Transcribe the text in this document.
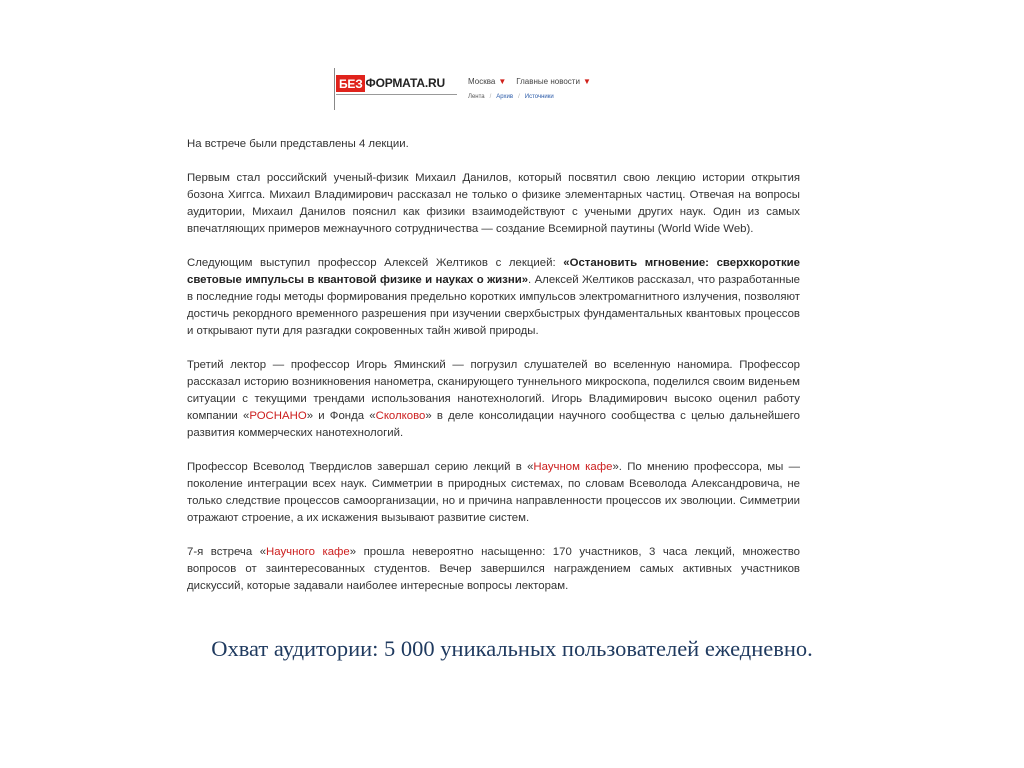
БЕЗ ФОРМАТА.RU	Москва ▼ Главные новости ▼
Лента / Архив / Источники

На встрече были представлены 4 лекции.

Первым стал российский ученый-физик Михаил Данилов, который посвятил свою лекцию истории открытия бозона Хиггса. Михаил Владимирович рассказал не только о физике элементарных частиц. Отвечая на вопросы аудитории, Михаил Данилов пояснил как физики взаимодействуют с учеными других наук. Один из самых впечатляющих примеров межнаучного сотрудничества — создание Всемирной паутины (World Wide Web).

Следующим выступил профессор Алексей Желтиков с лекцией: «Остановить мгновение: сверхкороткие световые импульсы в квантовой физике и науках о жизни». Алексей Желтиков рассказал, что разработанные в последние годы методы формирования предельно коротких импульсов электромагнитного излучения, позволяют достичь рекордного временного разрешения при изучении сверхбыстрых фундаментальных квантовых процессов и открывают пути для разгадки сокровенных тайн живой природы.

Третий лектор — профессор Игорь Яминский — погрузил слушателей во вселенную наномира. Профессор рассказал историю возникновения нанометра, сканирующего туннельного микроскопа, поделился своим виденьем ситуации с текущими трендами использования нанотехнологий. Игорь Владимирович высоко оценил работу компании «РОСНАНО» и Фонда «Сколково» в деле консолидации научного сообщества с целью дальнейшего развития коммерческих нанотехнологий.

Профессор Всеволод Твердислов завершал серию лекций в «Научном кафе». По мнению профессора, мы — поколение интеграции всех наук. Симметрии в природных системах, по словам Всеволода Александровича, не только следствие процессов самоорганизации, но и причина направленности процессов их эволюции. Симметрии отражают строение, а их искажения вызывают развитие систем.

7-я встреча «Научного кафе» прошла невероятно насыщенно: 170 участников, 3 часа лекций, множество вопросов от заинтересованных студентов. Вечер завершился награждением самых активных участников дискуссий, которые задавали наиболее интересные вопросы лекторам.

Охват аудитории: 5 000 уникальных пользователей ежедневно.
